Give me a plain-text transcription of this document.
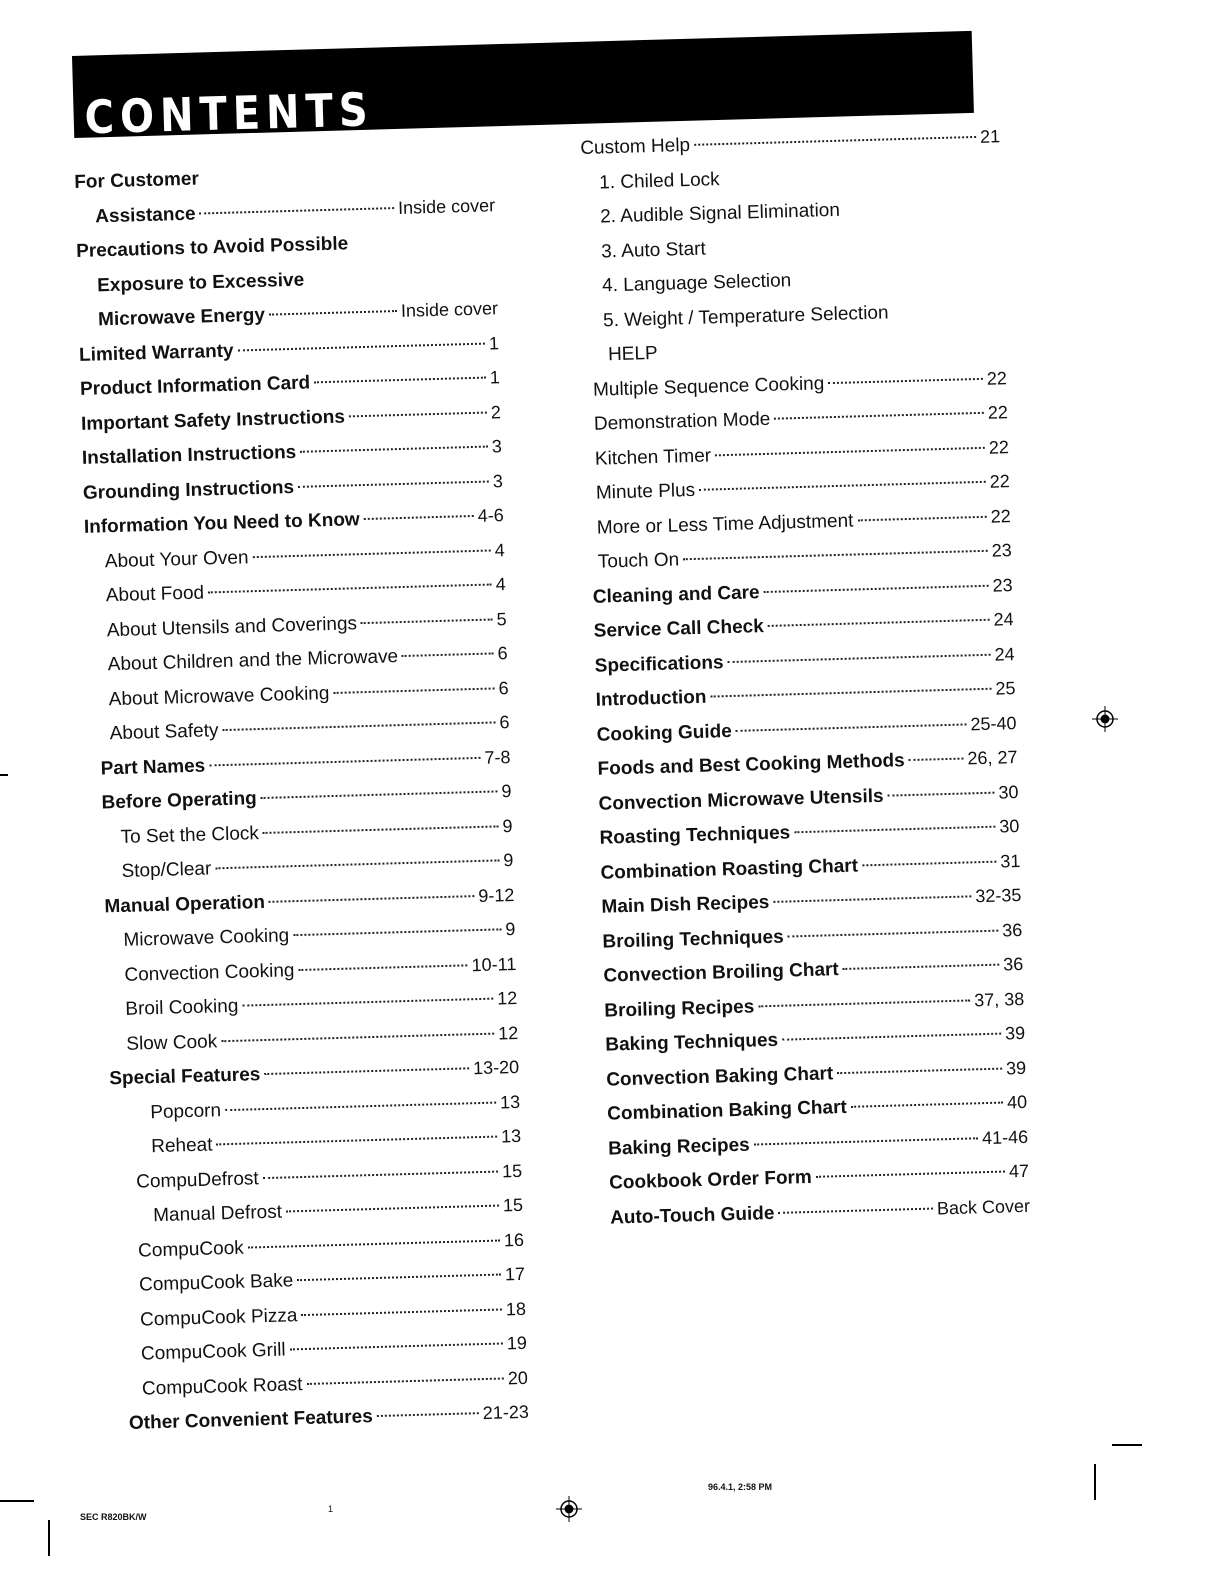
CONTENTS
For Customer
Assistance	Inside cover
Precautions to Avoid Possible
Exposure to Excessive
Microwave Energy	Inside cover
Limited Warranty	1
Product Information Card	1
Important Safety Instructions	2
Installation Instructions	3
Grounding Instructions	3
Information You Need to Know	4-6
About Your Oven	4
About Food	4
About Utensils and Coverings	5
About Children and the Microwave	6
About Microwave Cooking	6
About Safety	6
Part Names	7-8
Before Operating	9
To Set the Clock	9
Stop/Clear	9
Manual Operation	9-12
Microwave Cooking	9
Convection Cooking	10-11
Broil Cooking	12
Slow Cook	12
Special Features	13-20
Popcorn	13
Reheat	13
CompuDefrost	15
Manual Defrost	15
CompuCook	16
CompuCook Bake	17
CompuCook Pizza	18
CompuCook Grill	19
CompuCook Roast	20
Other Convenient Features	21-23
Custom Help	21
1. Chiled Lock
2. Audible Signal Elimination
3. Auto Start
4. Language Selection
5. Weight / Temperature Selection
HELP
Multiple Sequence Cooking	22
Demonstration Mode	22
Kitchen Timer	22
Minute Plus	22
More or Less Time Adjustment	22
Touch On	23
Cleaning and Care	23
Service Call Check	24
Specifications	24
Introduction	25
Cooking Guide	25-40
Foods and Best Cooking Methods	26, 27
Convection Microwave Utensils	30
Roasting Techniques	30
Combination Roasting Chart	31
Main Dish Recipes	32-35
Broiling Techniques	36
Convection Broiling Chart	36
Broiling Recipes	37, 38
Baking Techniques	39
Convection Baking Chart	39
Combination Baking Chart	40
Baking Recipes	41-46
Cookbook Order Form	47
Auto-Touch Guide	Back Cover
SEC R820BK/W
1
96.4.1, 2:58 PM
